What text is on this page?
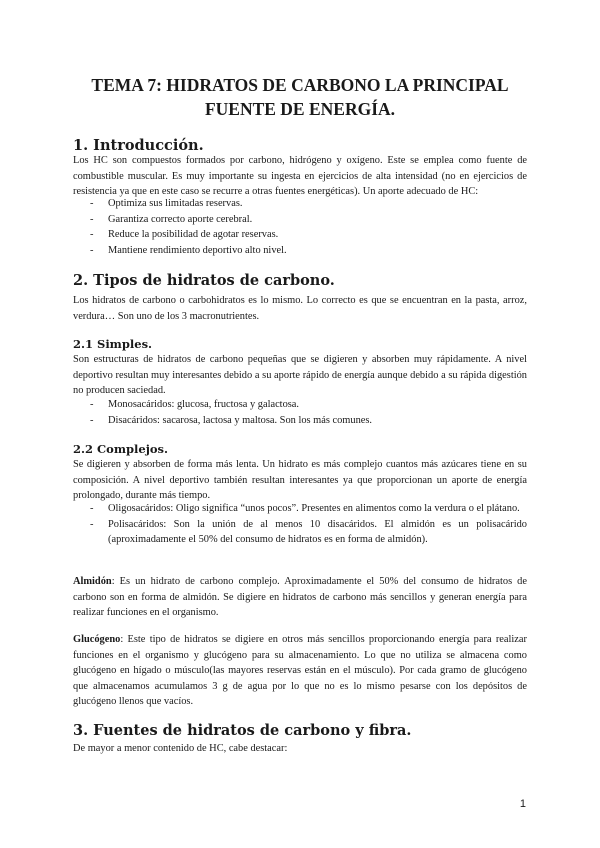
TEMA 7: HIDRATOS DE CARBONO LA PRINCIPAL FUENTE DE ENERGÍA.
1. Introducción.

Los HC son compuestos formados por carbono, hidrógeno y oxígeno. Este se emplea como fuente de combustible muscular. Es muy importante su ingesta en ejercicios de alta intensidad (no en ejercicios de resistencia ya que en este caso se recurre a otras fuentes energéticas). Un aporte adecuado de HC:

- Optimiza sus limitadas reservas.
- Garantiza correcto aporte cerebral.
- Reduce la posibilidad de agotar reservas.
- Mantiene rendimiento deportivo alto nivel.
2. Tipos de hidratos de carbono.

Los hidratos de carbono o carbohidratos es lo mismo. Lo correcto es que se encuentran en la pasta, arroz, verdura… Son uno de los 3 macronutrientes.

2.1 Simples.

Son estructuras de hidratos de carbono pequeñas que se digieren y absorben muy rápidamente. A nivel deportivo resultan muy interesantes debido a su aporte rápido de energía aunque debido a su rápida digestión no producen saciedad.

- Monosacáridos: glucosa, fructosa y galactosa.
- Disacáridos: sacarosa, lactosa y maltosa. Son los más comunes.
2.2 Complejos.

Se digieren y absorben de forma más lenta. Un hidrato es más complejo cuantos más azúcares tiene en su composición. A nivel deportivo también resultan interesantes ya que proporcionan un aporte de energía prolongado, durante más tiempo.

- Oligosacáridos: Oligo significa “unos pocos”. Presentes en alimentos como la verdura o el plátano.
- Polisacáridos: Son la unión de al menos 10 disacáridos. El almidón es un polisacárido (aproximadamente el 50% del consumo de hidratos es en forma de almidón).

Almidón: Es un hidrato de carbono complejo. Aproximadamente el 50% del consumo de hidratos de carbono son en forma de almidón. Se digiere en hidratos de carbono más sencillos y generan energía para realizar funciones en el organismo.

Glucógeno: Este tipo de hidratos se digiere en otros más sencillos proporcionando energía para realizar funciones en el organismo y glucógeno para su almacenamiento. Lo que no utiliza se almacena como glucógeno en hígado o músculo(las mayores reservas están en el músculo). Por cada gramo de glucógeno que almacenamos acumulamos 3 g de agua por lo que no es lo mismo pesarse con los depósitos de glucógeno llenos que vacíos.

3. Fuentes de hidratos de carbono y fibra.

De mayor a menor contenido de HC, cabe destacar:

1
